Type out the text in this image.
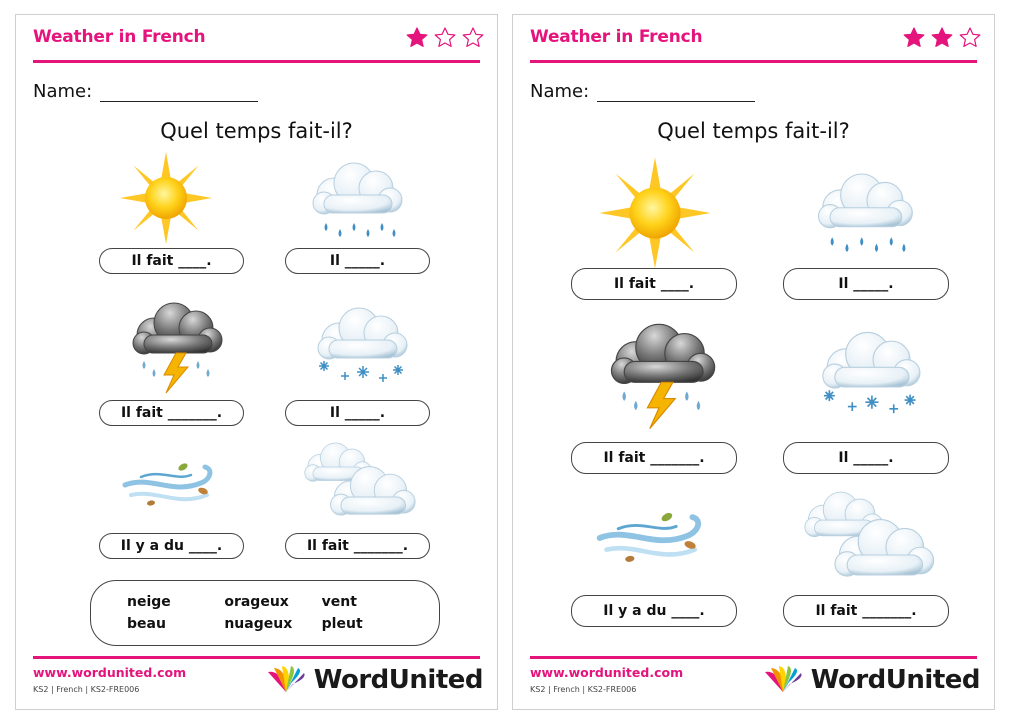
Weather in French
Name:
Quel temps fait-il?
Il fait ____.	Il _____.
Il fait _______.	Il _____.
Il y a du ____.	Il fait _______.
neige	orageux	vent
beau	nuageux	pleut
www.wordunited.com
KS2 | French | KS2-FRE006	WordUnited
Weather in French
Name:
Quel temps fait-il?
Il fait ____.	Il _____.
Il fait _______.	Il _____.
Il y a du ____.	Il fait _______.
www.wordunited.com
KS2 | French | KS2-FRE006	WordUnited
